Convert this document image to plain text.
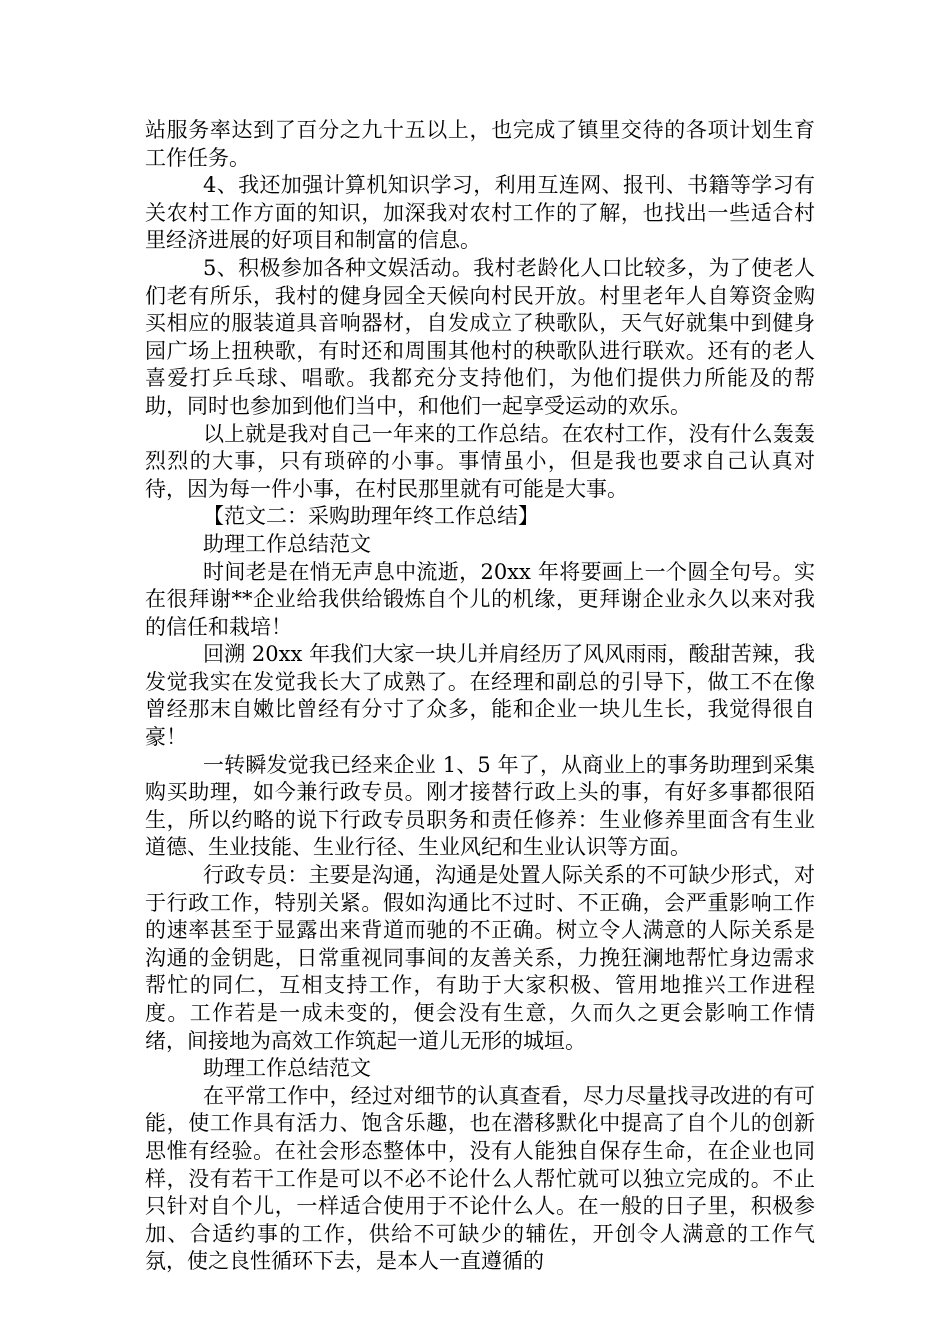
站服务率达到了百分之九十五以上，也完成了镇里交待的各项计划生育工作任务。

4、我还加强计算机知识学习，利用互连网、报刊、书籍等学习有关农村工作方面的知识，加深我对农村工作的了解，也找出一些适合村里经济进展的好项目和制富的信息。

5、积极参加各种文娱活动。我村老龄化人口比较多，为了使老人们老有所乐，我村的健身园全天候向村民开放。村里老年人自筹资金购买相应的服装道具音响器材，自发成立了秧歌队，天气好就集中到健身园广场上扭秧歌，有时还和周围其他村的秧歌队进行联欢。还有的老人喜爱打乒乓球、唱歌。我都充分支持他们，为他们提供力所能及的帮助，同时也参加到他们当中，和他们一起享受运动的欢乐。

以上就是我对自己一年来的工作总结。在农村工作，没有什么轰轰烈烈的大事，只有琐碎的小事。事情虽小，但是我也要求自己认真对待，因为每一件小事，在村民那里就有可能是大事。

【范文二：采购助理年终工作总结】

助理工作总结范文

时间老是在悄无声息中流逝，20xx 年将要画上一个圆全句号。实在很拜谢**企业给我供给锻炼自个儿的机缘，更拜谢企业永久以来对我的信任和栽培！

回溯 20xx 年我们大家一块儿并肩经历了风风雨雨，酸甜苦辣，我发觉我实在发觉我长大了成熟了。在经理和副总的引导下，做工不在像曾经那末自嫩比曾经有分寸了众多，能和企业一块儿生长，我觉得很自豪！

一转瞬发觉我已经来企业 1、5 年了，从商业上的事务助理到采集购买助理，如今兼行政专员。刚才接替行政上头的事，有好多事都很陌生，所以约略的说下行政专员职务和责任修养：生业修养里面含有生业道德、生业技能、生业行径、生业风纪和生业认识等方面。

行政专员：主要是沟通，沟通是处置人际关系的不可缺少形式，对于行政工作，特别关紧。假如沟通比不过时、不正确，会严重影响工作的速率甚至于显露出来背道而驰的不正确。树立令人满意的人际关系是沟通的金钥匙，日常重视同事间的友善关系，力挽狂澜地帮忙身边需求帮忙的同仁，互相支持工作，有助于大家积极、管用地推兴工作进程度。工作若是一成未变的，便会没有生意，久而久之更会影响工作情绪，间接地为高效工作筑起一道儿无形的城垣。

助理工作总结范文

在平常工作中，经过对细节的认真查看，尽力尽量找寻改进的有可能，使工作具有活力、饱含乐趣，也在潜移默化中提高了自个儿的创新思惟有经验。在社会形态整体中，没有人能独自保存生命，在企业也同样，没有若干工作是可以不必不论什么人帮忙就可以独立完成的。不止只针对自个儿，一样适合使用于不论什么人。在一般的日子里，积极参加、合适约事的工作，供给不可缺少的辅佐，开创令人满意的工作气氛，使之良性循环下去，是本人一直遵循的
